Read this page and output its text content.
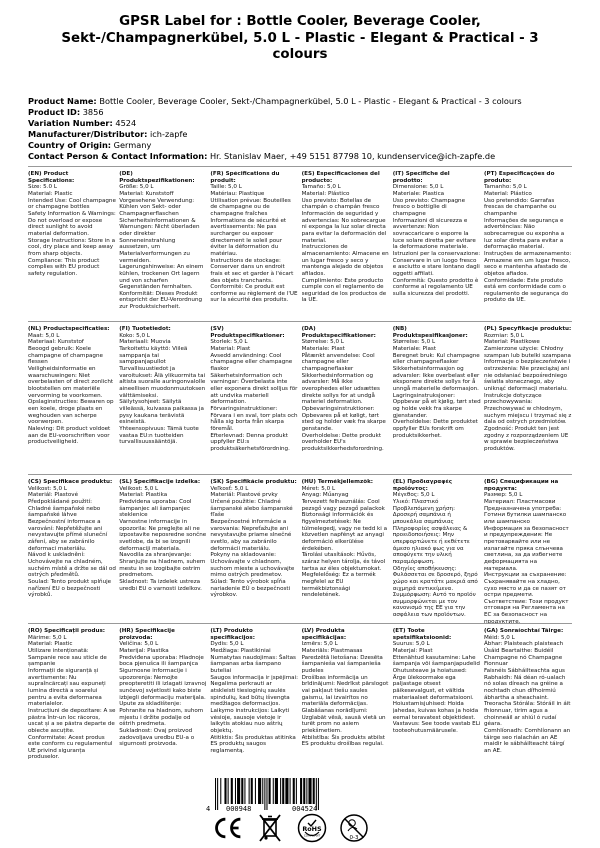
GPSR Label for : Bottle Cooler, Beverage Cooler,
Sekt-/Champagnerkübel, 5.0 L - Plastic - Elegant & Practical - 3
colours
Product Name: Bottle Cooler, Beverage Cooler, Sekt-/Champagnerkübel, 5.0 L - Plastic - Elegant & Practical - 3 colours
Product ID: 3856
Variation Number: 4524
Manufacturer/Distributor: ich-zapfe
Country of Origin: Germany
Contact Person & Contact Information: Hr. Stanislav Maer, +49 5151 87798 10, kundenservice@ich-zapfe.de

(EN) Product Specifications:

Size: 5.0 L

Material: Plastic

Intended Use: Cool champagne or champagne bottles

Safety Information & Warnings: Do not overload or expose direct sunlight to avoid material deformation.

Storage Instructions: Store in a cool, dry place and keep away from sharp objects.

Compliance: This product complies with EU product safety regulation.

(DE) Produktspezifikationen:

Größe: 5,0 L

Material: Kunststoff

Vorgesehene Verwendung: Kühlen von Sekt- oder Champagnerflaschen

Sicherheitsinformationen & Warnungen: Nicht überladen oder direkter Sonneneinstrahlung aussetzen, um Materialverformungen zu vermeiden.

Lagerungshinweise: An einem kühlen, trockenen Ort lagern und von scharfen Gegenständen fernhalten.

Konformität: Dieses Produkt entspricht der EU-Verordnung zur Produktsicherheit.

(FR) Spécifications du produit:

Taille: 5,0 L

Matériau: Plastique

Utilisation prévue: Bouteilles de champagne ou de champagne fraîches

Informations de sécurité et avertissements: Ne pas surcharger ou exposer directement le soleil pour éviter la déformation du matériau.

Instructions de stockage: Conserver dans un endroit frais et sec et garder à l'écart des objets tranchants.

Conformité: Ce produit est conforme au règlement de l'UE sur la sécurité des produits.

(ES) Especificaciones del producto:

Tamaño: 5,0 L

Material: Plástico

Uso previsto: Botellas de champán o champán fresco

Información de seguridad y advertencias: No sobrecargue ni exponga la luz solar directa para evitar la deformación del material.

Instrucciones de almacenamiento: Almacene en un lugar fresco y seco y mantenga alejado de objetos afilados.

Cumplimiento: Este producto cumple con el reglamento de seguridad de los productos de la UE.

(IT) Specifiche del prodotto:

Dimensione: 5,0 L

Materiale: Plastica

Uso previsto: Champagne fresco o bottiglie di champagne

Informazioni di sicurezza e avvertenze: Non sovraccaricare o esporre la luce solare diretta per evitare la deformazione materiale.

Istruzioni per la conservazione: Conservare in un luogo fresco e asciutto e stare lontano dagli oggetti affilati.

Conformità: Questo prodotto è conforme al regolamento UE sulla sicurezza dei prodotti.

(PT) Especificações do produto:

Tamanho: 5,0 L

Material: Plástico

Uso pretendido: Garrafas frescas de champanhe ou champanhe

Informações de segurança e advertências: Não sobrecarregue ou exponha a luz solar direta para evitar a deformação material.

Instruções de armazenamento: Armazene em um lugar fresco, seco e mantenha afastado de objetos afiados.

Conformidade: Este produto está em conformidade com o regulamento de segurança do produto da UE.

(NL) Productspecificaties:

Maat: 5,0 L

Materiaal: Kunststof

Beoogd gebruik: Koele champagne of champagne flessen

Veiligheidsinformatie en waarschuwingen: Niet overbelasten of direct zonlicht blootstellen om materiële vervorming te voorkomen.

Opslaginstructies: Bewaren op een koele, droge plaats en weghouden van scherpe voorwerpen.

Naleving: Dit product voldoet aan de EU-voorschriften voor productveiligheid.

(FI) Tuotetiedot:

Koko: 5,0 L

Materiaali: Muovia

Tarkoitettu käyttö: Viileä samppanja tai samppanjapullot

Turvallisuustiedot ja varoitukset: Älä ylikuormita tai altista suoralle auringonvalolle aineellisen muodonmuutoksen välttämiseksi.

Säilytysohjeet: Säilytä viileässä, kuivassa paikassa ja pysy kaukana terävistä esineistä.

Yhteensopivuus: Tämä tuote vastaa EU:n tuotteiden turvallisuussääntöjä.

(SV) Produktspecifikationer:

Storlek: 5,0 L

Material: Plast

Avsedd användning: Cool champagne eller champagne flaskor

Säkerhetsinformation och varningar: Överbelasta inte eller exponera direkt solljus för att undvika materiell deformation.

Förvaringsinstruktioner: Förvara i en sval, torr plats och hålla sig borta från skarpa föremål.

Efterlevnad: Denna produkt uppfyller EU:s produktsäkerhetsförordning.

(DA) Produktspecifikationer:

Størrelse: 5,0 L

Materiale: Plast

Påtænkt anvendelse: Cool champagne eller champagneflasker

Sikkerhedsinformation og advarsler: Må ikke overophedes eller udsættes direkte sollys for at undgå materiel deformation.

Opbevaringsinstruktioner: Opbevares på et køligt, tørt sted og holder væk fra skarpe genstande.

Overholdelse: Dette produkt overholder EU's produktsikkerhedsforordning.

(NB) Produktspesifikasjoner:

Størrelse: 5,0 L

Materiale: Plast

Beregnet bruk: Kul champagne eller champagneflasker

Sikkerhetsinformasjon og advarsler: Ikke overbelast eller eksponere direkte sollys for å unngå materielle deformasjon.

Lagringsinstruksjoner: Oppbevar på et kjølig, tørt sted og holde vekk fra skarpe gjenstander.

Overholdelse: Dette produktet oppfyller EUs forskrift om produktsikkerhet.

(PL) Specyfikacje produktu:

Rozmiar: 5,0 L

Materiał: Plastikowe

Zamierzone użycie: Chłodny szampan lub butelki szampana

Informacje o bezpieczeństwie i ostrzeżenia: Nie przeciążaj ani nie odsłaniać bezpośredniego światła słonecznego, aby uniknąć deformacji materiału.

Instrukcje dotyczące przechowywania: Przechowywać w chłodnym, suchym miejscu i trzymać się z dala od ostrych przedmiotów.

Zgodność: Produkt ten jest zgodny z rozporządzeniem UE w sprawie bezpieczeństwa produktów.

(CS) Specifikace produktu:

Velikost: 5,0 L

Materiál: Plastové

Předpokládané použití: Chladné šampaňské nebo šampaňské láhve

Bezpečnostní informace a varování: Nepřetěžujte ani nevystavujte přímé sluneční záření, aby se zabránilo deformaci materiálu.

Návod k uskladnění: Uchovávejte na chladném, suchém místě a držte se dál od ostrých předmětů.

Soulad: Tento produkt splňuje nařízení EU o bezpečnosti výrobků.

(SL) Specifikacije izdelka:

Velikost: 5,0 L

Material: Plastika

Predvidena uporaba: Cool šampanjec ali šampanjec steklenice

Varnostne informacije in opozorila: Ne preglejte ali ne izpostavite neposredne sončne svetlobe, da bi se izognili deformaciji materiala.

Navodila za shranjevanje: Shranjujte na hladnem, suhem mestu in se izogibajte ostrim predmetom.

Skladnost: Ta izdelek ustreza uredbi EU o varnosti izdelkov.

(SK) Špecifikácie produktu:

Veľkosť: 5,0 L

Materiál: Plastové prvky

Určené použitie: Chladné šampanské alebo šampanské fľaše

Bezpečnostné informácie a varovania: Nepreťažujte ani nevystavujte priame slnečné svetlo, aby sa zabránilo deformácii materiálu.

Pokyny na skladovanie: Uchovávajte v chladnom, suchom mieste a uchovávajte mimo ostrých predmetov.

Súlad: Tento výrobok spĺňa nariadenie EÚ o bezpečnosti výrobkov.

(HU) Termékjellemzők:

Méret: 5,0 L

Anyag: Műanyag

Tervezett felhasználás: Cool pezsgő vagy pezsgő palackok

Biztonsági információk és figyelmeztetések: Ne túlmelegedj, vagy ne tedd ki a közvetlen napfényt az anyagi deformáció elkerülése érdekében.

Tárolási utasítások: Hűvös, száraz helyen tárolja, és távol tartsa az éles objektumokat.

Megfelelőség: Ez a termék megfelel az EU termékbiztonsági rendeletének.

(EL) Προδιαγραφές προϊόντος:

Μέγεθος: 5,0 L

Υλικό: Πλαστικό

Προβλεπόμενη χρήση: Δροσερή σαμπάνια ή μπουκάλια σαμπάνιας

Πληροφορίες ασφάλειας & προειδοποιήσεις: Μην υπερφορτώνετε ή εκθέτετε άμεσο ηλιακό φως για να αποφύγετε την υλική παραμόρφωση.

Οδηγίες αποθήκευσης: Φυλάσσεται σε δροσερό, ξηρό χώρο και κρατάτε μακριά από αιχμηρά αντικείμενα.

Συμμόρφωση: Αυτό το προϊόν συμμορφώνεται με τον κανονισμό της ΕΕ για την ασφάλεια των προϊόντων.

(BG) Спецификации на продукта:

Размер: 5,0 L

Материал: Пластмасови

Предназначена употреба: Готини бутилки шампанско или шампанско

Информация за безопасност и предупреждения: Не претоварвайте или не излагайте пряка слънчева светлина, за да избегнете деформацията на материала.

Инструкции за съхранение: Съхранявайте на хладно, сухо място и да се пазят от остри предмети.

Съответствие: Този продукт отговаря на Регламента на ЕС за безопасност на продуктите.

(RO) Specificații produs:

Mărime: 5,0 L

Material: Plastic

Utilizare intenționată: Sampanie rece sau sticle de șampanie

Informații de siguranță și avertismente: Nu supraîncărcați sau expuneți lumina directă a soarelui pentru a evita deformarea materialelor.

Instrucțiuni de depozitare: A se păstra într-un loc răcoros, uscat și a se păstra departe de obiecte ascuțite.

Conformitate: Acest produs este conform cu regulamentul UE privind siguranța produselor.

(HR) Specifikacije proizvoda:

Veličina: 5,0 L

Materijal: Plastika

Predviđena uporaba: Hladnoje boca pjenušca ili šampanjca

Sigurnosne informacije i upozorenja: Nemojte preopteretiti ili izlagati izravnoj sunčevoj svjetlosti kako biste izbjegli deformaciju materijala.

Upute za skladištenje: Pohranite na hladnom, suhom mjestu i držite podalje od oštrih predmeta.

Sukladnost: Ovaj proizvod zadovoljava uredbu EU-a o sigurnosti proizvoda.

(LT) Produkto specifikacijos:

Dydis: 5,0 L

Medžiaga: Plastikiniai

Numatytas naudojimas: Šaltas šampanas arba šampano buteliai

Saugos informacija ir įspėjimai: Negalima perkrauti ar atskleisti tiesioginių saulės spindulių, kad būtų išvengta medžiagos deformacijos.

Laikymo instrukcijos: Laikyti vėsioje, sausoje vietoje ir laikytis atokiau nuo aštrių objektų.

Atitiktis: Šis produktas atitinka ES produktų saugos reglamentą.

(LV) Produkta specifikācijas:

Izmērs: 5,0 L

Materiāls: Plastmasas

Paredzētā lietošana: Dzesēta šampanieša vai šampanieša pudeles

Drošības informācija un brīdinājumi: Nedrīkst pārslogot vai pakļaut tiešu saules gaismu, lai izvairītos no materiāla deformācijas.

Glabāšanas norādījumi: Uzglabāt vēsā, sausā vietā un turēt prom no asiem priekšmetiem.

Atbilstība: Šis produkts atbilst ES produktu drošības regulai.

(ET) Toote spetsifikatsioonid:

Suurus: 5,0 L

Materjal: Plast

Ettenähtud kasutamine: Lahe šampanja või šampanjapudelid

Ohutusteave ja hoiatused: Ärge ülekoormake ega paljastage otsest päikesevalgust, et vältida materiaalset deformatsiooni.

Hoiustamisjuhised: Hoida jahedas, kuivas kohas ja hoida eemal teravatest objektidest.

Vastavus: See toode vastab ELi tooteohutusmäärusele.

(GA) Sonraíochtaí Táirge:

Méid: 5,0 L

Ábhar: Plaisteach plaisteach

Úsáid Beartaithe: Buidéil Champagne nó Champagne Fionnuar

Faisnéis Sábháilteachta agus Rabhaidh: Ná déan ró-ualach nó solas díreach na gréine a nochtadh chun dífhoirmiú ábhartha a sheachaint.

Treoracha Stórála: Stóráil in áit fhionnuar, tirim agus a choinneáil ar shiúl ó rudaí géara.

Comhlíonadh: Comhlíonann an táirge seo rialachán an AE maidir le sábháilteacht táirgí an AE.

4 000948	004524
RoHS
COMPLIANT	0-3
